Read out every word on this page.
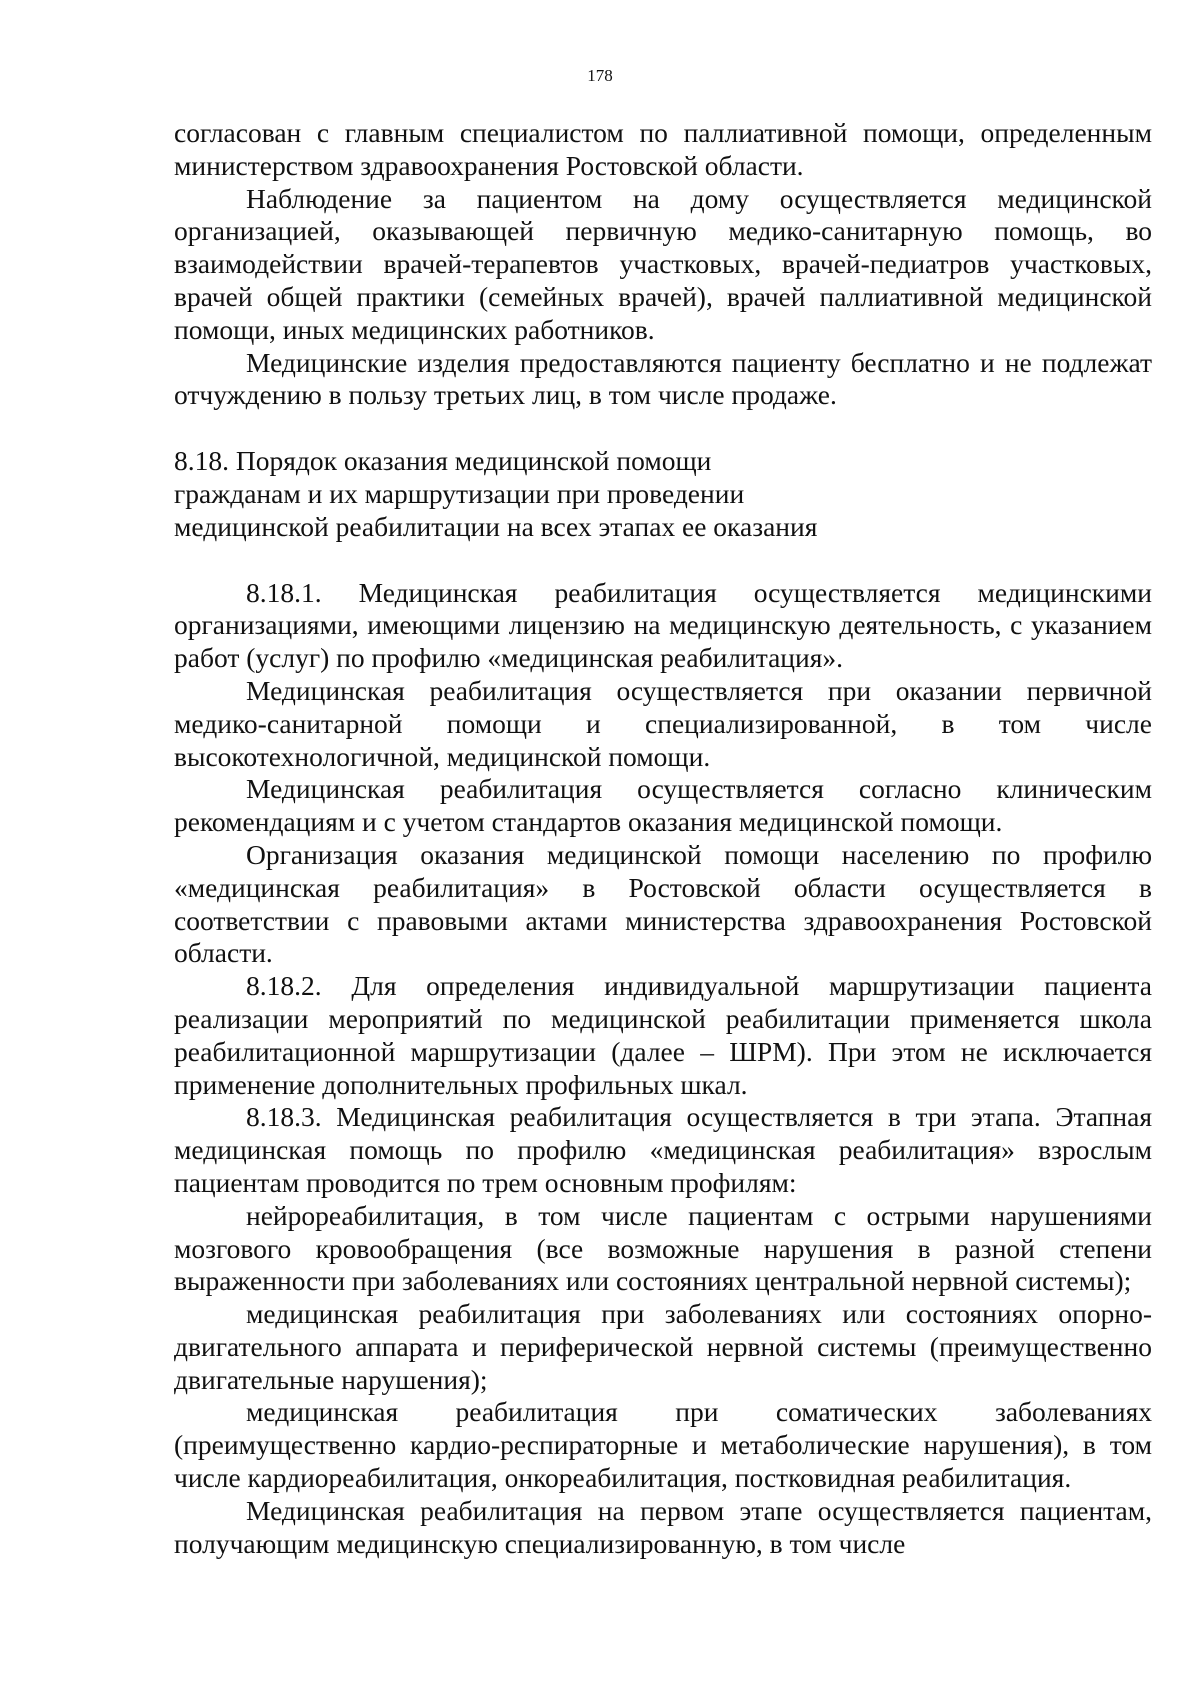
178

согласован с главным специалистом по паллиативной помощи, определенным министерством здравоохранения Ростовской области.

Наблюдение за пациентом на дому осуществляется медицинской организацией, оказывающей первичную медико-санитарную помощь, во взаимодействии врачей-терапевтов участковых, врачей-педиатров участковых, врачей общей практики (семейных врачей), врачей паллиативной медицинской помощи, иных медицинских работников.

Медицинские изделия предоставляются пациенту бесплатно и не подлежат отчуждению в пользу третьих лиц, в том числе продаже.

8.18. Порядок оказания медицинской помощи

гражданам и их маршрутизации при проведении

медицинской реабилитации на всех этапах ее оказания

8.18.1. Медицинская реабилитация осуществляется медицинскими организациями, имеющими лицензию на медицинскую деятельность, с указанием работ (услуг) по профилю «медицинская реабилитация».

Медицинская реабилитация осуществляется при оказании первичной медико-санитарной помощи и специализированной, в том числе высокотехнологичной, медицинской помощи.

Медицинская реабилитация осуществляется согласно клиническим рекомендациям и с учетом стандартов оказания медицинской помощи.

Организация оказания медицинской помощи населению по профилю «медицинская реабилитация» в Ростовской области осуществляется в соответствии с правовыми актами министерства здравоохранения Ростовской области.

8.18.2. Для определения индивидуальной маршрутизации пациента реализации мероприятий по медицинской реабилитации применяется школа реабилитационной маршрутизации (далее – ШРМ). При этом не исключается применение дополнительных профильных шкал.

8.18.3. Медицинская реабилитация осуществляется в три этапа. Этапная медицинская помощь по профилю «медицинская реабилитация» взрослым пациентам проводится по трем основным профилям:

нейрореабилитация, в том числе пациентам с острыми нарушениями мозгового кровообращения (все возможные нарушения в разной степени выраженности при заболеваниях или состояниях центральной нервной системы);

медицинская реабилитация при заболеваниях или состояниях опорно-двигательного аппарата и периферической нервной системы (преимущественно двигательные нарушения);

медицинская реабилитация при соматических заболеваниях (преимущественно кардио-респираторные и метаболические нарушения), в том числе кардиореабилитация, онкореабилитация, постковидная реабилитация.

Медицинская реабилитация на первом этапе осуществляется пациентам, получающим медицинскую специализированную, в том числе
